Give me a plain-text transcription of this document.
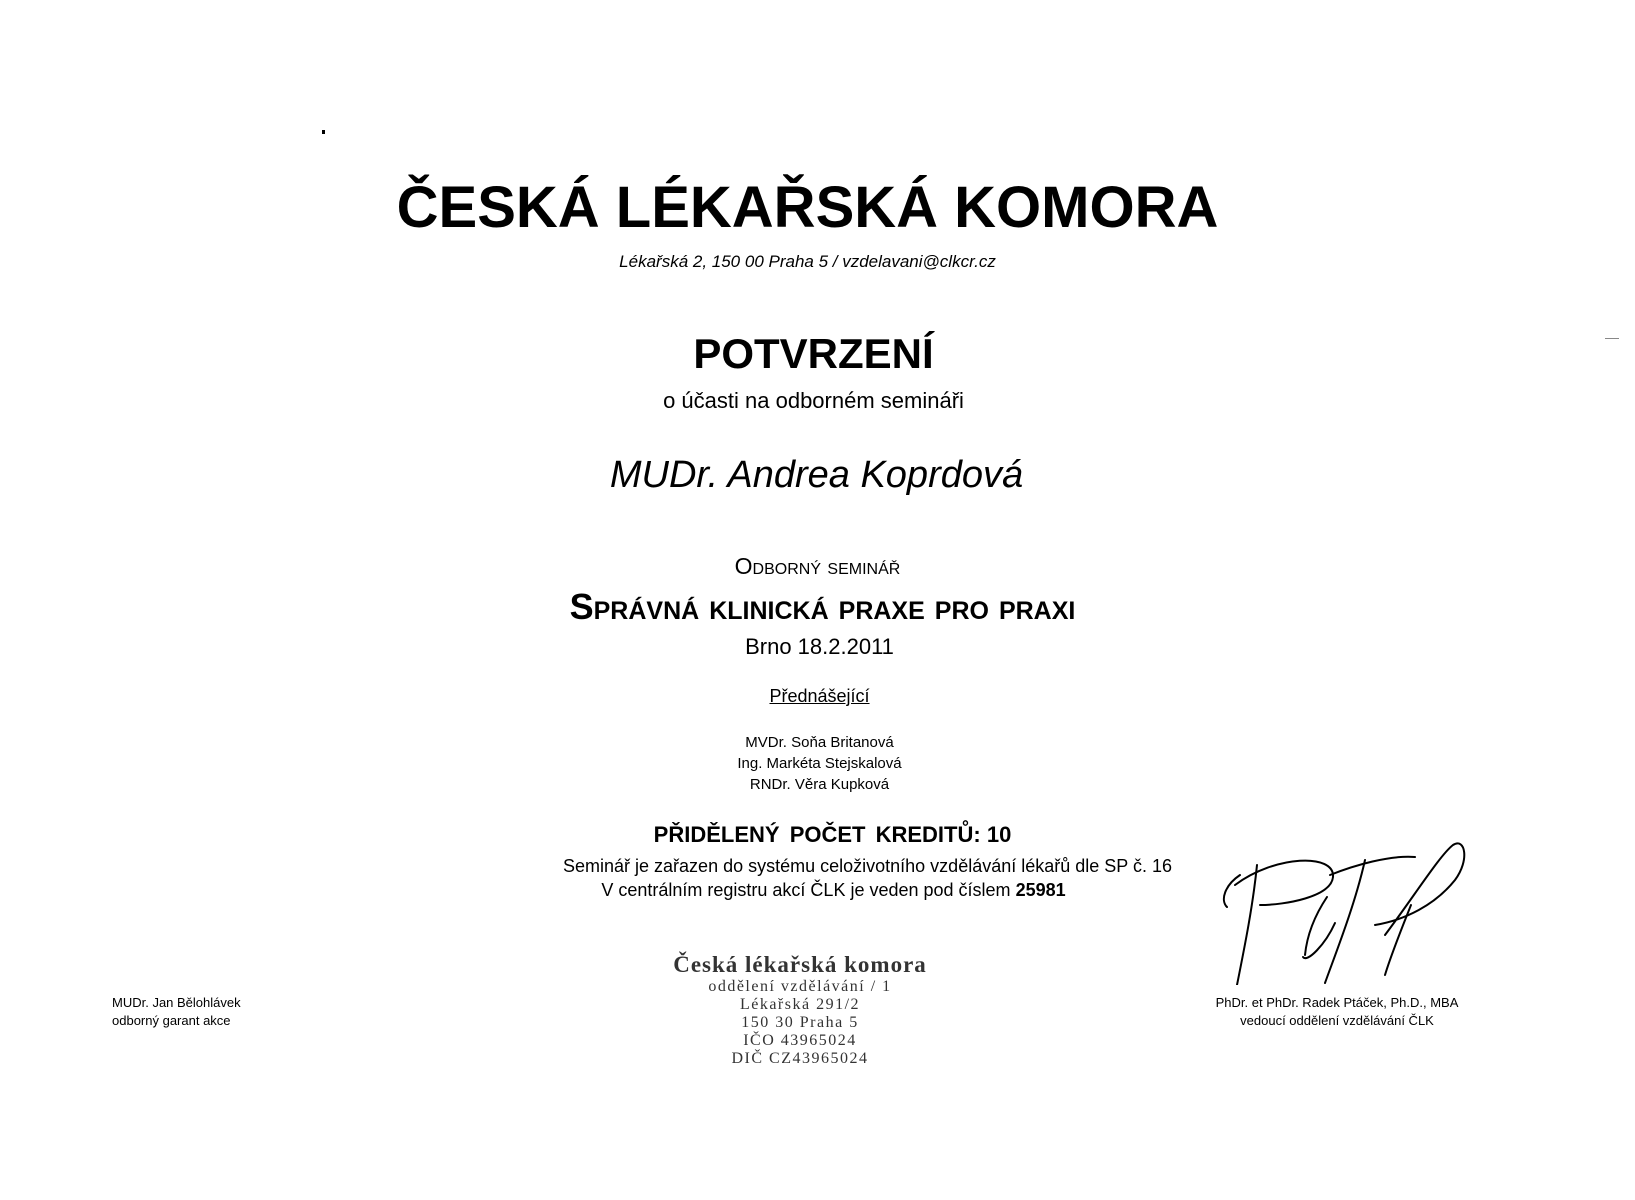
ČESKÁ LÉKAŘSKÁ KOMORA
Lékařská 2, 150 00 Praha 5 / vzdelavani@clkcr.cz
POTVRZENÍ
o účasti na odborném semináři
MUDr. Andrea Koprdová
Odborný seminář
Správná klinická praxe pro praxi
Brno 18.2.2011
Přednášející
MVDr. Soňa Britanová
Ing. Markéta Stejskalová
RNDr. Věra Kupková
PŘIDĚLENÝ POČET KREDITŮ: 10
Seminář je zařazen do systému celoživotního vzdělávání lékařů dle SP č. 16
V centrálním registru akcí ČLK je veden pod číslem 25981
Česká lékařská komora
oddělení vzdělávání / 1
Lékařská 291/2
150 30 Praha 5
IČO 43965024
DIČ CZ43965024
MUDr. Jan Bělohlávek
odborný garant akce
PhDr. et PhDr. Radek Ptáček, Ph.D., MBA
vedoucí oddělení vzdělávání ČLK
